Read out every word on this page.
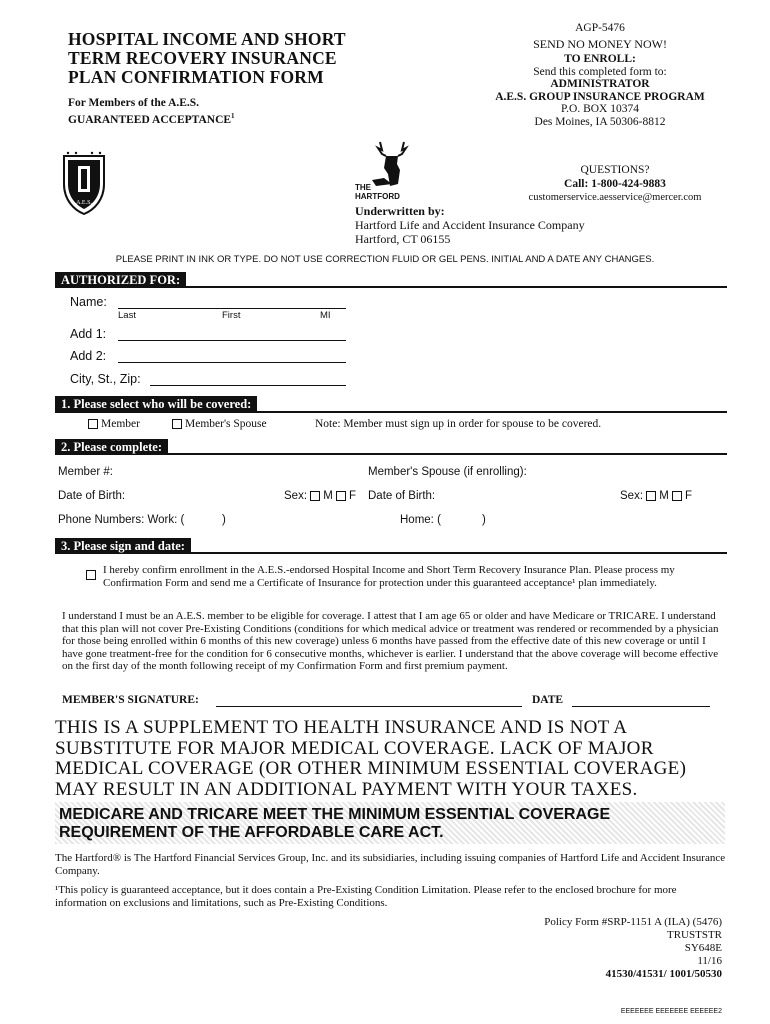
HOSPITAL INCOME AND SHORT
TERM RECOVERY INSURANCE
PLAN CONFIRMATION FORM
For Members of the A.E.S.
GUARANTEED ACCEPTANCE$^1$
AGP-5476
SEND NO MONEY NOW!
TO ENROLL:
Send this completed form to:
ADMINISTRATOR
A.E.S. GROUP INSURANCE PROGRAM
P.O. BOX 10374
Des Moines, IA 50306-8812
A.E.S.
THE
HARTFORD
Underwritten by:
Hartford Life and Accident Insurance Company
Hartford, CT 06155
QUESTIONS?
Call: 1-800-424-9883
customerservice.aesservice@mercer.com
PLEASE PRINT IN INK OR TYPE. DO NOT USE CORRECTION FLUID OR GEL PENS. INITIAL AND A DATE ANY CHANGES.
AUTHORIZED FOR:
Name:
Last	First	MI
Add 1:
Add 2:
City, St., Zip:
1. Please select who will be covered:
Member	Member's Spouse	Note: Member must sign up in order for spouse to be covered.
2. Please complete:
Member #:	Member's Spouse (if enrolling):
Date of Birth:	Sex: M F Date of Birth:	Sex: M F
Phone Numbers: Work: (	)	Home: (	)
3. Please sign and date:
I hereby confirm enrollment in the A.E.S.-endorsed Hospital Income and Short Term Recovery Insurance Plan. Please process my Confirmation Form and send me a Certificate of Insurance for protection under this guaranteed acceptance¹ plan immediately.
I understand I must be an A.E.S. member to be eligible for coverage. I attest that I am age 65 or older and have Medicare or TRICARE. I understand that this plan will not cover Pre-Existing Conditions (conditions for which medical advice or treatment was rendered or recommended by a physician for those being enrolled within 6 months of this new coverage) unless 6 months have passed from the effective date of this new coverage or until I have gone treatment-free for the condition for 6 consecutive months, whichever is earlier. I understand that the above coverage will become effective on the first day of the month following receipt of my Confirmation Form and first premium payment.
MEMBER'S SIGNATURE:	DATE
THIS IS A SUPPLEMENT TO HEALTH INSURANCE AND IS NOT A SUBSTITUTE FOR MAJOR MEDICAL COVERAGE. LACK OF MAJOR MEDICAL COVERAGE (OR OTHER MINIMUM ESSENTIAL COVERAGE) MAY RESULT IN AN ADDITIONAL PAYMENT WITH YOUR TAXES.
MEDICARE AND TRICARE MEET THE MINIMUM ESSENTIAL COVERAGE REQUIREMENT OF THE AFFORDABLE CARE ACT.
The Hartford® is The Hartford Financial Services Group, Inc. and its subsidiaries, including issuing companies of Hartford Life and Accident Insurance Company.
¹This policy is guaranteed acceptance, but it does contain a Pre-Existing Condition Limitation. Please refer to the enclosed brochure for more information on exclusions and limitations, such as Pre-Existing Conditions.
Policy Form #SRP-1151 A (ILA) (5476)
TRUSTSTR
SY648E
11/16
41530/41531/ 1001/50530
EEEEEEE EEEEEEE EEEEEE2
